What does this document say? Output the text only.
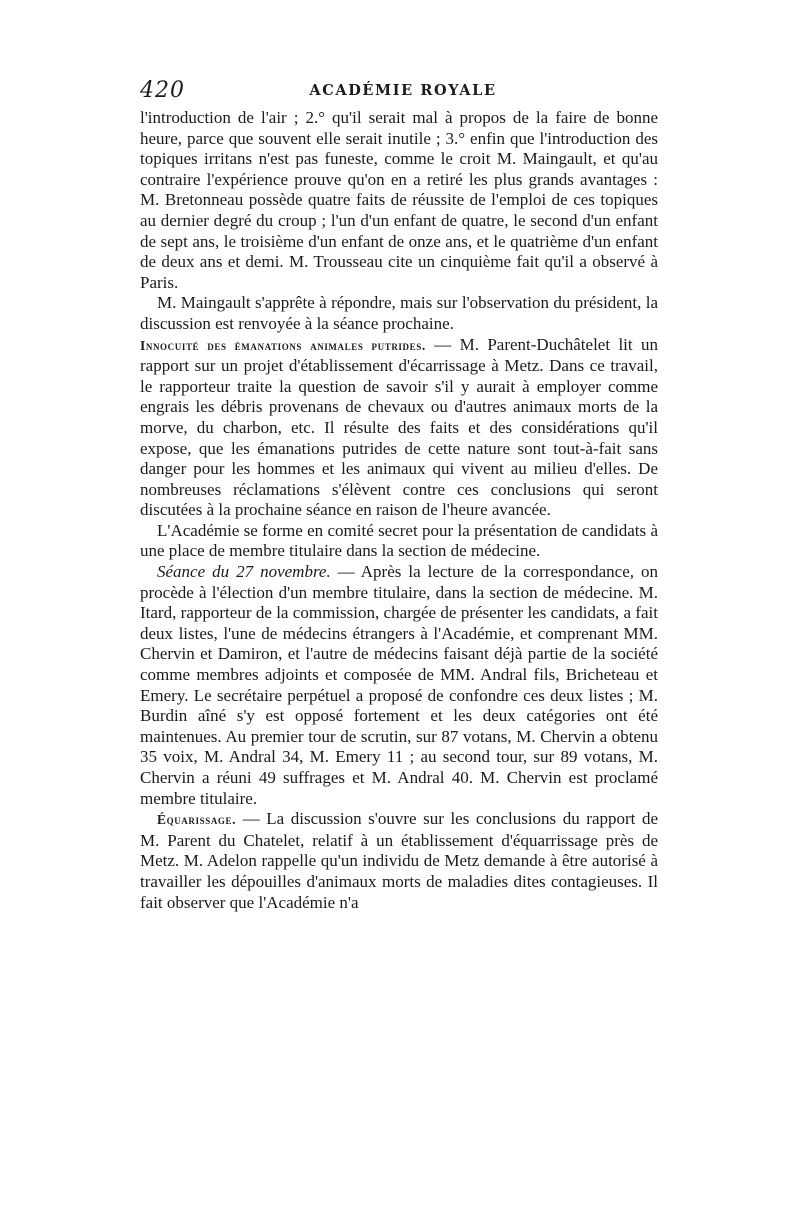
420	ACADÉMIE ROYALE

l'introduction de l'air ; 2.° qu'il serait mal à propos de la faire de bonne heure, parce que souvent elle serait inutile ; 3.° enfin que l'introduction des topiques irritans n'est pas funeste, comme le croit M. Maingault, et qu'au contraire l'expérience prouve qu'on en a retiré les plus grands avantages : M. Bretonneau possède quatre faits de réussite de l'emploi de ces topiques au dernier degré du croup ; l'un d'un enfant de quatre, le second d'un enfant de sept ans, le troisième d'un enfant de onze ans, et le quatrième d'un enfant de deux ans et demi. M. Trousseau cite un cinquième fait qu'il a observé à Paris.

M. Maingault s'apprête à répondre, mais sur l'observation du président, la discussion est renvoyée à la séance prochaine.

Innocuité des émanations animales putrides. — M. Parent-Duchâtelet lit un rapport sur un projet d'établissement d'écarrissage à Metz. Dans ce travail, le rapporteur traite la question de savoir s'il y aurait à employer comme engrais les débris provenans de chevaux ou d'autres animaux morts de la morve, du charbon, etc. Il résulte des faits et des considérations qu'il expose, que les émanations putrides de cette nature sont tout-à-fait sans danger pour les hommes et les animaux qui vivent au milieu d'elles. De nombreuses réclamations s'élèvent contre ces conclusions qui seront discutées à la prochaine séance en raison de l'heure avancée.

L'Académie se forme en comité secret pour la présentation de candidats à une place de membre titulaire dans la section de médecine.

Séance du 27 novembre. — Après la lecture de la correspondance, on procède à l'élection d'un membre titulaire, dans la section de médecine. M. Itard, rapporteur de la commission, chargée de présenter les candidats, a fait deux listes, l'une de médecins étrangers à l'Académie, et comprenant MM. Chervin et Damiron, et l'autre de médecins faisant déjà partie de la société comme membres adjoints et composée de MM. Andral fils, Bricheteau et Emery. Le secrétaire perpétuel a proposé de confondre ces deux listes ; M. Burdin aîné s'y est opposé fortement et les deux catégories ont été maintenues. Au premier tour de scrutin, sur 87 votans, M. Chervin a obtenu 35 voix, M. Andral 34, M. Emery 11 ; au second tour, sur 89 votans, M. Chervin a réuni 49 suffrages et M. Andral 40. M. Chervin est proclamé membre titulaire.

Équarissage. — La discussion s'ouvre sur les conclusions du rapport de M. Parent du Chatelet, relatif à un établissement d'équarrissage près de Metz. M. Adelon rappelle qu'un individu de Metz demande à être autorisé à travailler les dépouilles d'animaux morts de maladies dites contagieuses. Il fait observer que l'Académie n'a
